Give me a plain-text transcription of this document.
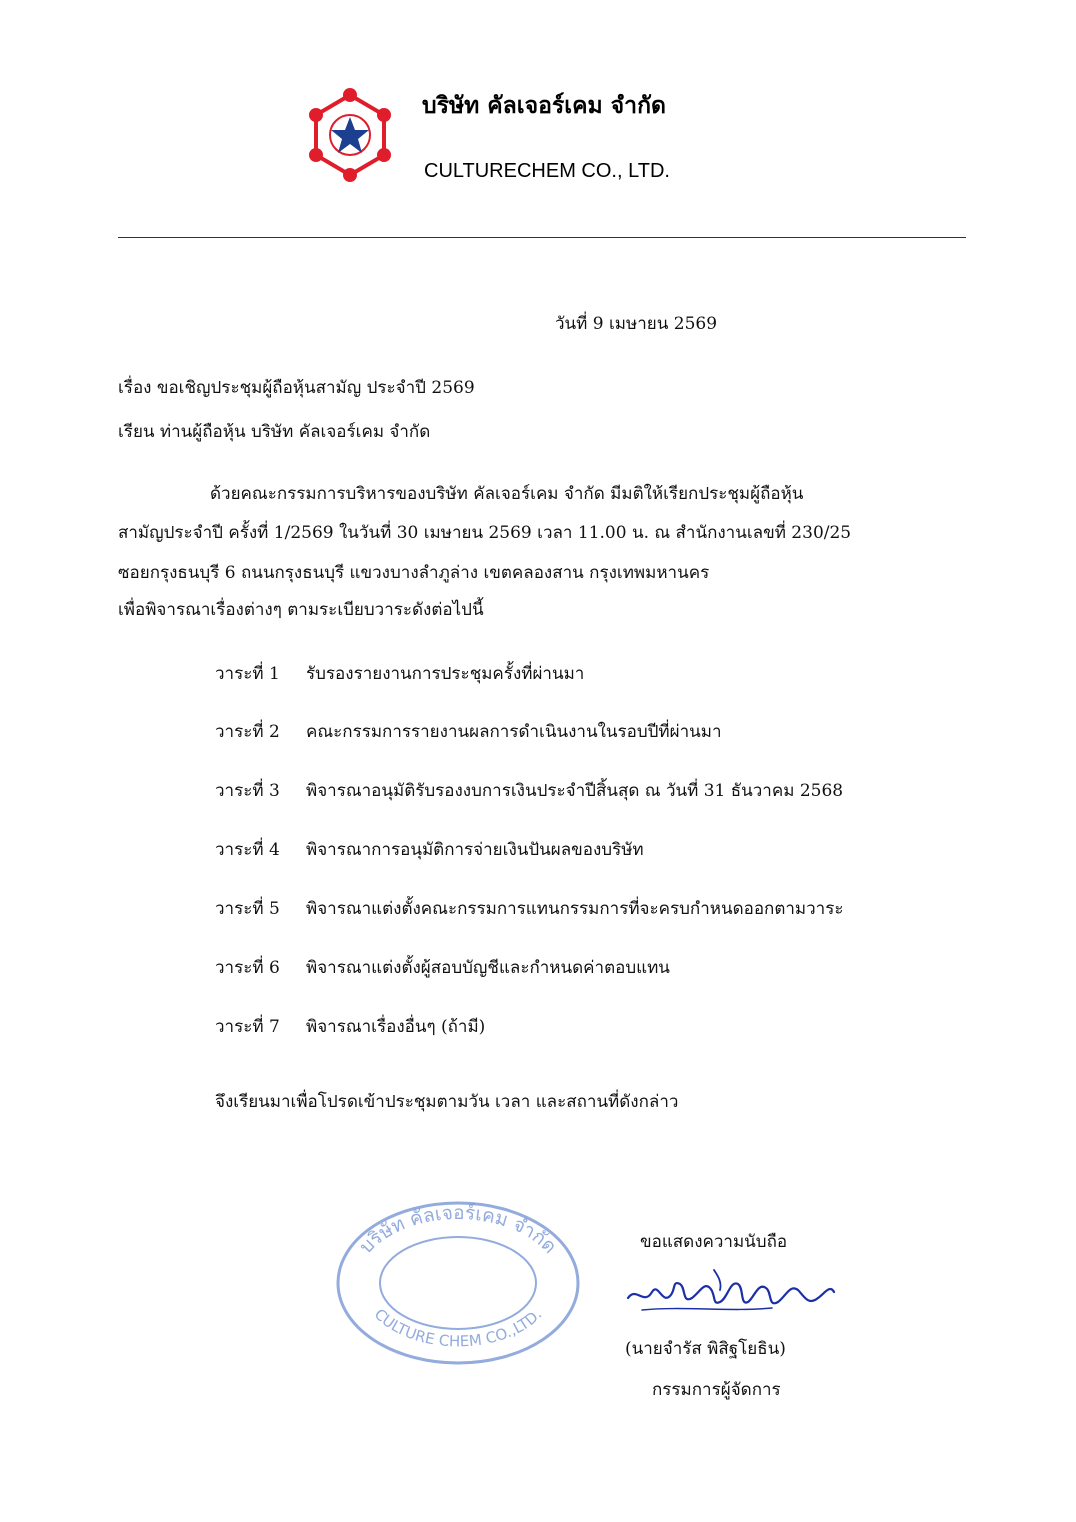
บริษัท คัลเจอร์เคม จำกัด
CULTURECHEM CO., LTD.
วันที่ 9 เมษายน 2569
เรื่อง ขอเชิญประชุมผู้ถือหุ้นสามัญ ประจำปี 2569
เรียน ท่านผู้ถือหุ้น บริษัท คัลเจอร์เคม จำกัด
ด้วยคณะกรรมการบริหารของบริษัท คัลเจอร์เคม จำกัด มีมติให้เรียกประชุมผู้ถือหุ้น
สามัญประจำปี ครั้งที่ 1/2569 ในวันที่ 30 เมษายน 2569 เวลา 11.00 น. ณ สำนักงานเลขที่ 230/25
ซอยกรุงธนบุรี 6 ถนนกรุงธนบุรี แขวงบางลำภูล่าง เขตคลองสาน กรุงเทพมหานคร
เพื่อพิจารณาเรื่องต่างๆ ตามระเบียบวาระดังต่อไปนี้
วาระที่ 1 รับรองรายงานการประชุมครั้งที่ผ่านมา
วาระที่ 2 คณะกรรมการรายงานผลการดำเนินงานในรอบปีที่ผ่านมา
วาระที่ 3 พิจารณาอนุมัติรับรองงบการเงินประจำปีสิ้นสุด ณ วันที่ 31 ธันวาคม 2568
วาระที่ 4 พิจารณาการอนุมัติการจ่ายเงินปันผลของบริษัท
วาระที่ 5 พิจารณาแต่งตั้งคณะกรรมการแทนกรรมการที่จะครบกำหนดออกตามวาระ
วาระที่ 6 พิจารณาแต่งตั้งผู้สอบบัญชีและกำหนดค่าตอบแทน
วาระที่ 7 พิจารณาเรื่องอื่นๆ (ถ้ามี)
จึงเรียนมาเพื่อโปรดเข้าประชุมตามวัน เวลา และสถานที่ดังกล่าว
บริษัท คัลเจอร์เคม จำกัด
CULTURE CHEM CO.,LTD.
ขอแสดงความนับถือ
(นายจำรัส พิสิฐโยธิน)
กรรมการผู้จัดการ
